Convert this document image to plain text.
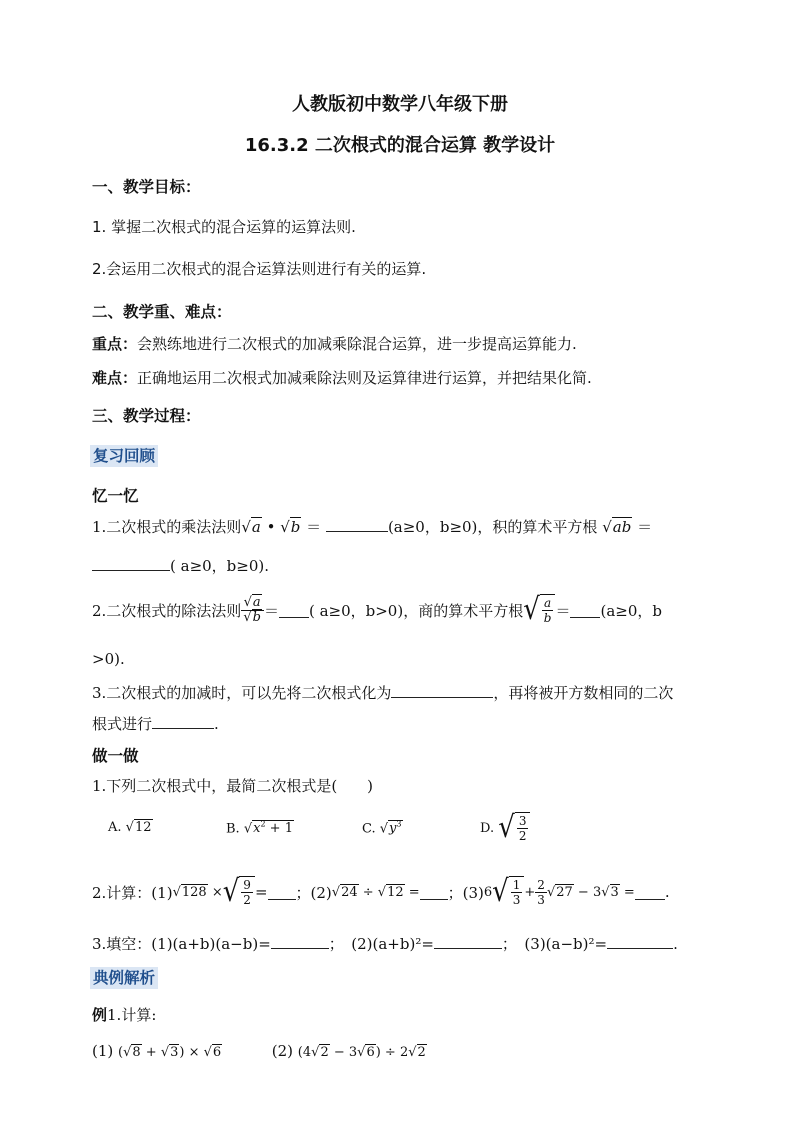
人教版初中数学八年级下册
16.3.2 二次根式的混合运算 教学设计
一、教学目标：
1. 掌握二次根式的混合运算的运算法则.
2.会运用二次根式的混合运算法则进行有关的运算.
二、教学重、难点：
重点：会熟练地进行二次根式的加减乘除混合运算，进一步提高运算能力.
难点：正确地运用二次根式加减乘除法则及运算律进行运算，并把结果化简.
三、教学过程：
复习回顾
忆一忆
1.二次根式的乘法法则√a • √b ＝	(a≥0，b≥0)，积的算术平方根 √ab ＝
( a≥0，b≥0).
2.二次根式的除法法则 $\frac{√a}{√b}$ ＝ ( a≥0，b>0)，商的算术平方根 √ $\frac{a}{b} = (a\ge 0$，b
>0).
3.二次根式的加减时，可以先将二次根式化为	，再将被开方数相同的二次
根式进行	.
做一做
1.下列二次根式中，最简二次根式是(　　)
A. √12	B. $√x^2 + 1$	C. $√y^3$	D.
√ $\frac{3}{2}$
2.计算：(1) √128 × √ $\frac{9}{2}$ = ；(2) √24 ÷ √12 = ；(3) 6 √ $\frac{1}{3} + \frac{2}{3} √27 - 3√3$ = .
3.填空：(1)(a+b)(a−b)=	；　(2)(a+b)²=	；　(3)(a−b)²=	.
典例解析
例1.计算:
(1) (√8 + √3) × √6	(2) (4√2 − 3√6) ÷ 2√2
